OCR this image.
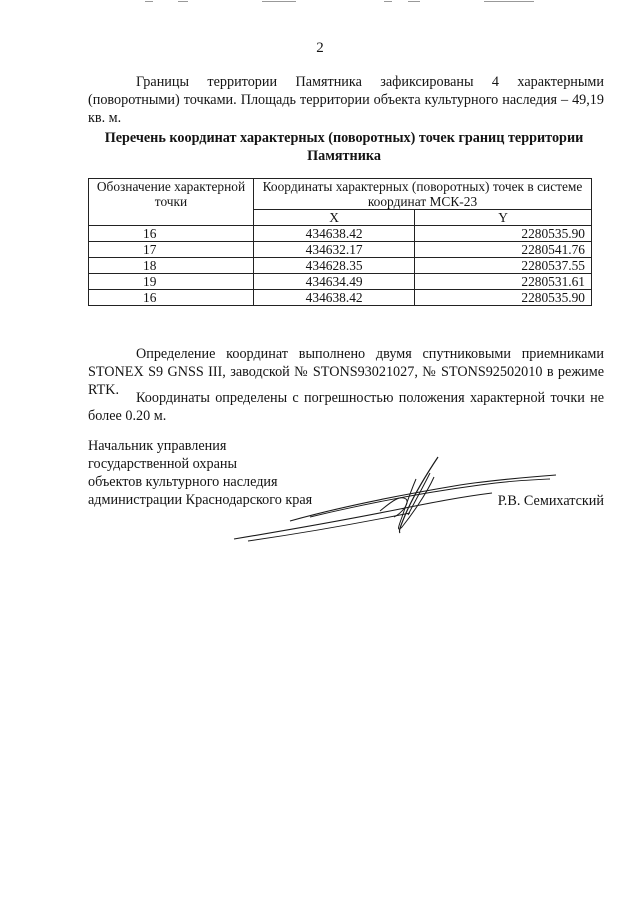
2

Границы территории Памятника зафиксированы 4 характерными (поворотными) точками. Площадь территории объекта культурного наследия – 49,19 кв. м.

Перечень координат характерных (поворотных) точек границ территории Памятника
Обозначение характерной точки	Координаты характерных (поворотных) точек в системе координат МСК-23	
	X	Y
16	434638.42	2280535.90
17	434632.17	2280541.76
18	434628.35	2280537.55
19	434634.49	2280531.61
16	434638.42	2280535.90

Определение координат выполнено двумя спутниковыми приемниками STONEX S9 GNSS III, заводской № STONS93021027, № STONS92502010 в режиме RTK.	Координаты определены с погрешностью положения характерной точки не более 0.20 м.

Начальник управления
государственной охраны
объектов культурного наследия
администрации Краснодарского края	Р.В. Семихатский
